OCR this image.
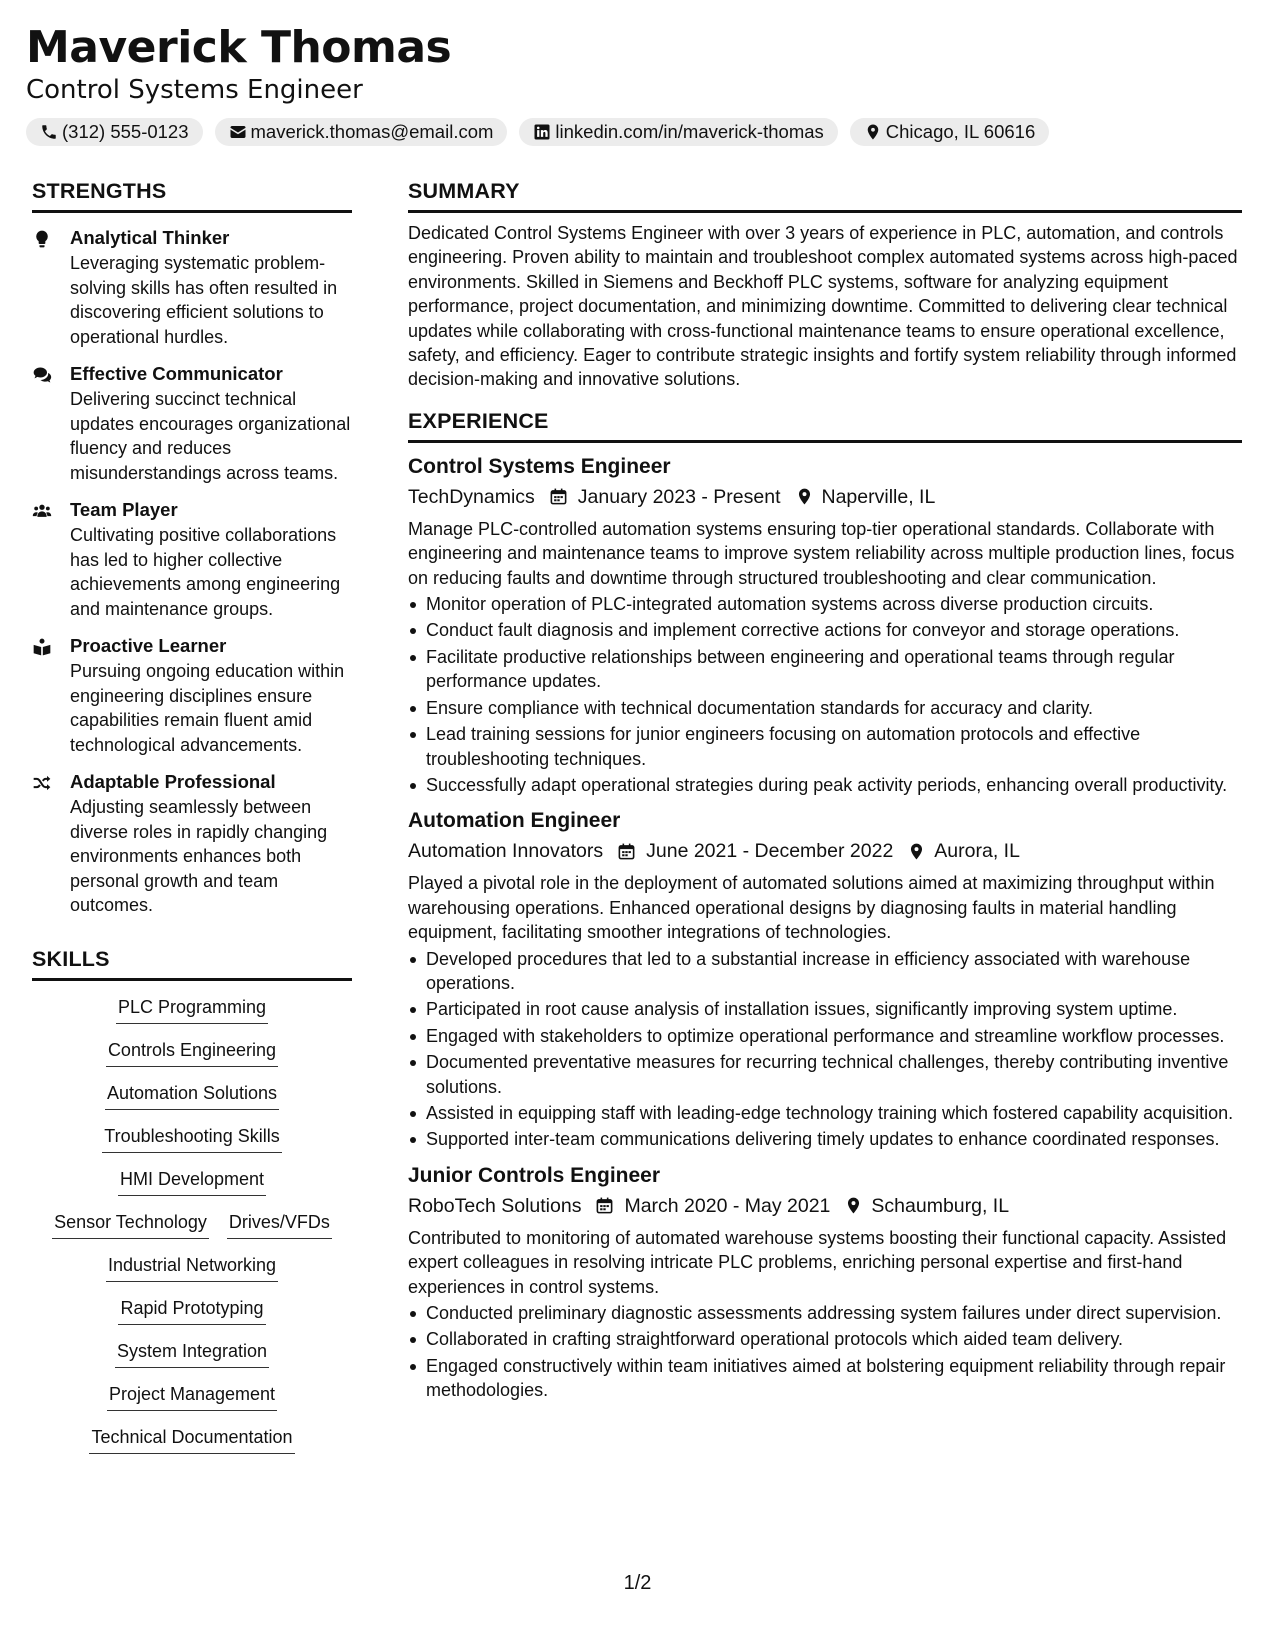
Maverick Thomas
Control Systems Engineer
(312) 555-0123	maverick.thomas@email.com	linkedin.com/in/maverick-thomas	Chicago, IL 60616
STRENGTHS
Analytical Thinker
Leveraging systematic problem-solving skills has often resulted in discovering efficient solutions to operational hurdles.
Effective Communicator
Delivering succinct technical updates encourages organizational fluency and reduces misunderstandings across teams.
Team Player
Cultivating positive collaborations has led to higher collective achievements among engineering and maintenance groups.
Proactive Learner
Pursuing ongoing education within engineering disciplines ensure capabilities remain fluent amid technological advancements.
Adaptable Professional
Adjusting seamlessly between diverse roles in rapidly changing environments enhances both personal growth and team outcomes.
SKILLS
PLC Programming
Controls Engineering
Automation Solutions
Troubleshooting Skills
HMI Development
Sensor Technology Drives/VFDs
Industrial Networking
Rapid Prototyping
System Integration
Project Management
Technical Documentation
SUMMARY
Dedicated Control Systems Engineer with over 3 years of experience in PLC, automation, and controls engineering. Proven ability to maintain and troubleshoot complex automated systems across high-paced environments. Skilled in Siemens and Beckhoff PLC systems, software for analyzing equipment performance, project documentation, and minimizing downtime. Committed to delivering clear technical updates while collaborating with cross-functional maintenance teams to ensure operational excellence, safety, and efficiency. Eager to contribute strategic insights and fortify system reliability through informed decision-making and innovative solutions.
EXPERIENCE
Control Systems Engineer
TechDynamics January 2023 - Present Naperville, IL
Manage PLC-controlled automation systems ensuring top-tier operational standards. Collaborate with engineering and maintenance teams to improve system reliability across multiple production lines, focus on reducing faults and downtime through structured troubleshooting and clear communication.
Monitor operation of PLC-integrated automation systems across diverse production circuits.
Conduct fault diagnosis and implement corrective actions for conveyor and storage operations.
Facilitate productive relationships between engineering and operational teams through regular performance updates.
Ensure compliance with technical documentation standards for accuracy and clarity.
Lead training sessions for junior engineers focusing on automation protocols and effective troubleshooting techniques.
Successfully adapt operational strategies during peak activity periods, enhancing overall productivity.
Automation Engineer
Automation Innovators June 2021 - December 2022 Aurora, IL
Played a pivotal role in the deployment of automated solutions aimed at maximizing throughput within warehousing operations. Enhanced operational designs by diagnosing faults in material handling equipment, facilitating smoother integrations of technologies.
Developed procedures that led to a substantial increase in efficiency associated with warehouse operations.
Participated in root cause analysis of installation issues, significantly improving system uptime.
Engaged with stakeholders to optimize operational performance and streamline workflow processes.
Documented preventative measures for recurring technical challenges, thereby contributing inventive solutions.
Assisted in equipping staff with leading-edge technology training which fostered capability acquisition.
Supported inter-team communications delivering timely updates to enhance coordinated responses.
Junior Controls Engineer
RoboTech Solutions March 2020 - May 2021 Schaumburg, IL
Contributed to monitoring of automated warehouse systems boosting their functional capacity. Assisted expert colleagues in resolving intricate PLC problems, enriching personal expertise and first-hand experiences in control systems.
Conducted preliminary diagnostic assessments addressing system failures under direct supervision.
Collaborated in crafting straightforward operational protocols which aided team delivery.
Engaged constructively within team initiatives aimed at bolstering equipment reliability through repair methodologies.
1/2
